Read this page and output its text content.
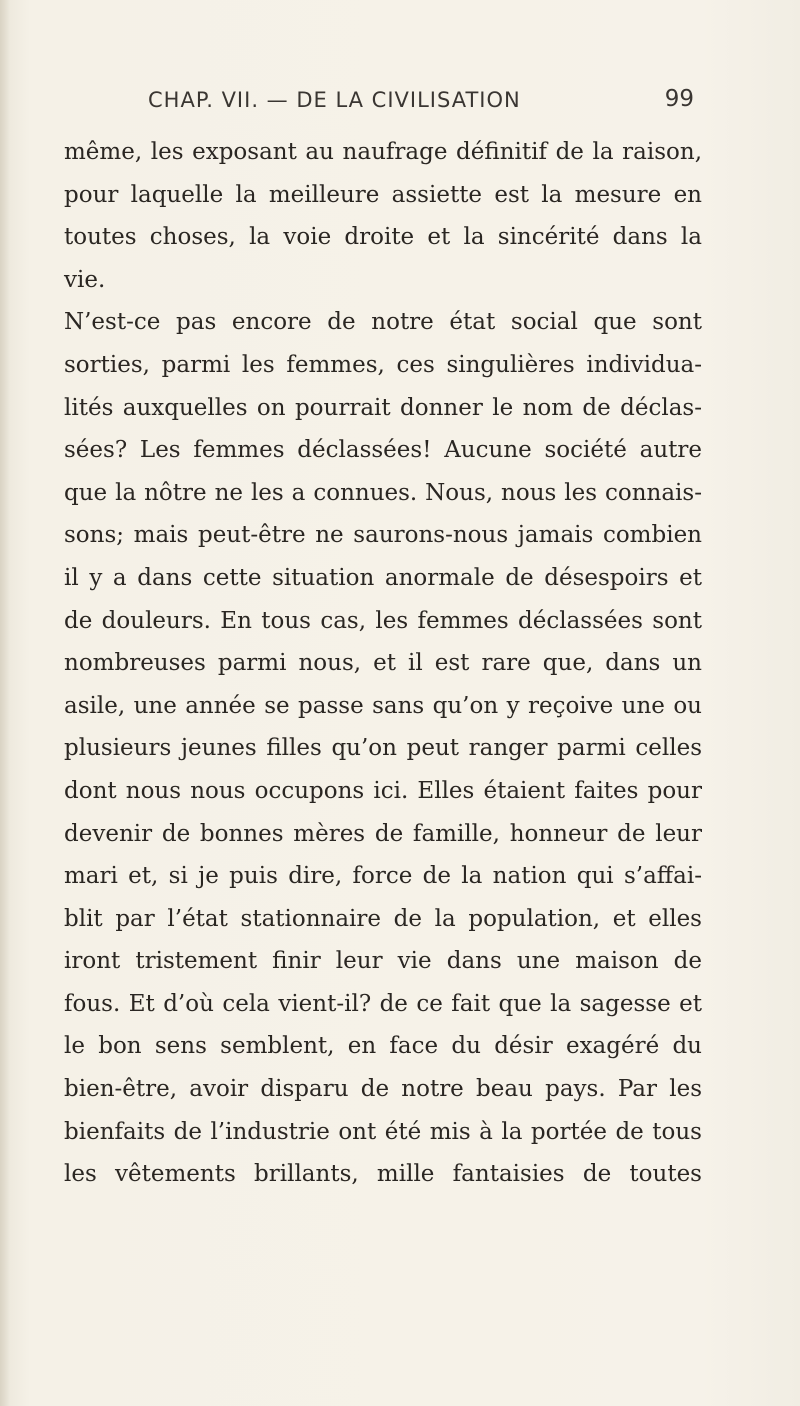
CHAP. VII. — DE LA CIVILISATION	99
même, les exposant au naufrage définitif de la raison,
pour laquelle la meilleure assiette est la mesure en
toutes choses, la voie droite et la sincérité dans la
vie.
N’est-ce pas encore de notre état social que sont
sorties, parmi les femmes, ces singulières individua-
lités auxquelles on pourrait donner le nom de déclas-
sées? Les femmes déclassées! Aucune société autre
que la nôtre ne les a connues. Nous, nous les connais-
sons; mais peut-être ne saurons-nous jamais combien
il y a dans cette situation anormale de désespoirs et
de douleurs. En tous cas, les femmes déclassées sont
nombreuses parmi nous, et il est rare que, dans un
asile, une année se passe sans qu’on y reçoive une ou
plusieurs jeunes filles qu’on peut ranger parmi celles
dont nous nous occupons ici. Elles étaient faites pour
devenir de bonnes mères de famille, honneur de leur
mari et, si je puis dire, force de la nation qui s’affai-
blit par l’état stationnaire de la population, et elles
iront tristement finir leur vie dans une maison de
fous. Et d’où cela vient-il? de ce fait que la sagesse et
le bon sens semblent, en face du désir exagéré du
bien-être, avoir disparu de notre beau pays. Par les
bienfaits de l’industrie ont été mis à la portée de tous
les vêtements brillants, mille fantaisies de toutes
